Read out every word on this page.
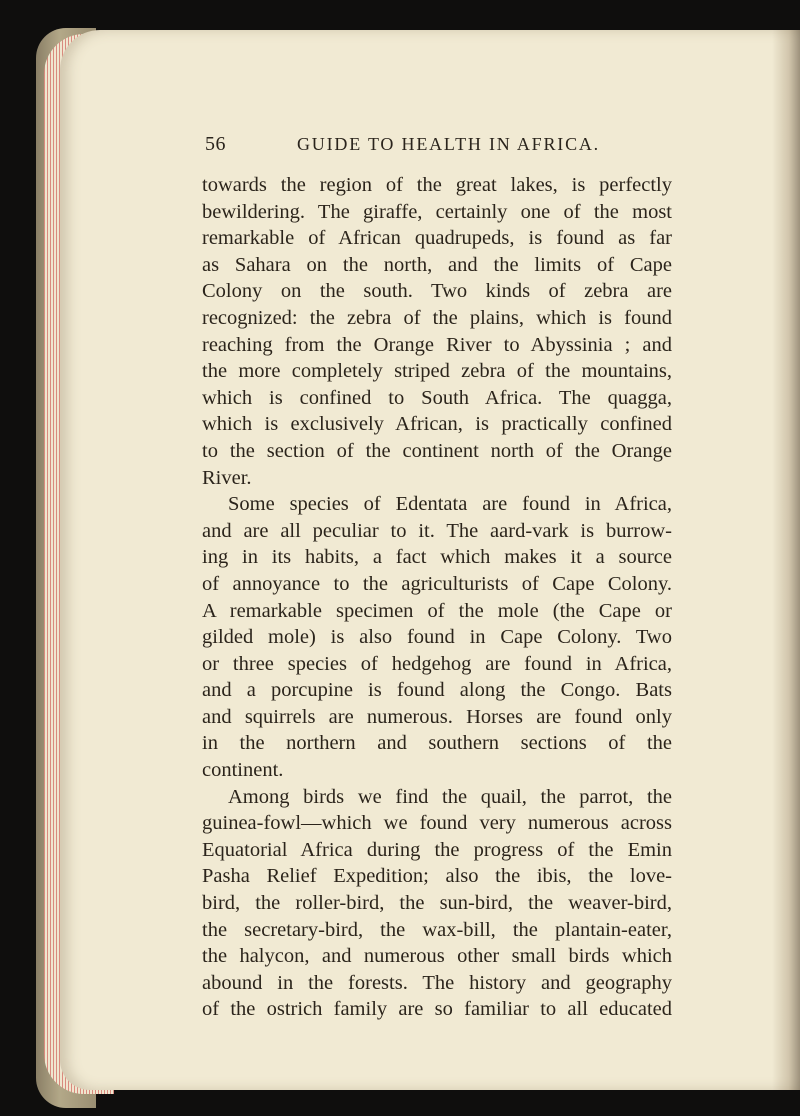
56	GUIDE TO HEALTH IN AFRICA.
towards the region of the great lakes, is perfectly
bewildering. The giraffe, certainly one of the most
remarkable of African quadrupeds, is found as far
as Sahara on the north, and the limits of Cape
Colony on the south. Two kinds of zebra are
recognized: the zebra of the plains, which is found
reaching from the Orange River to Abyssinia ; and
the more completely striped zebra of the mountains,
which is confined to South Africa. The quagga,
which is exclusively African, is practically confined
to the section of the continent north of the Orange
River.
Some species of Edentata are found in Africa,
and are all peculiar to it. The aard-vark is burrow-
ing in its habits, a fact which makes it a source
of annoyance to the agriculturists of Cape Colony.
A remarkable specimen of the mole (the Cape or
gilded mole) is also found in Cape Colony. Two
or three species of hedgehog are found in Africa,
and a porcupine is found along the Congo. Bats
and squirrels are numerous. Horses are found only
in the northern and southern sections of the
continent.
Among birds we find the quail, the parrot, the
guinea-fowl—which we found very numerous across
Equatorial Africa during the progress of the Emin
Pasha Relief Expedition; also the ibis, the love-
bird, the roller-bird, the sun-bird, the weaver-bird,
the secretary-bird, the wax-bill, the plantain-eater,
the halycon, and numerous other small birds which
abound in the forests. The history and geography
of the ostrich family are so familiar to all educated
